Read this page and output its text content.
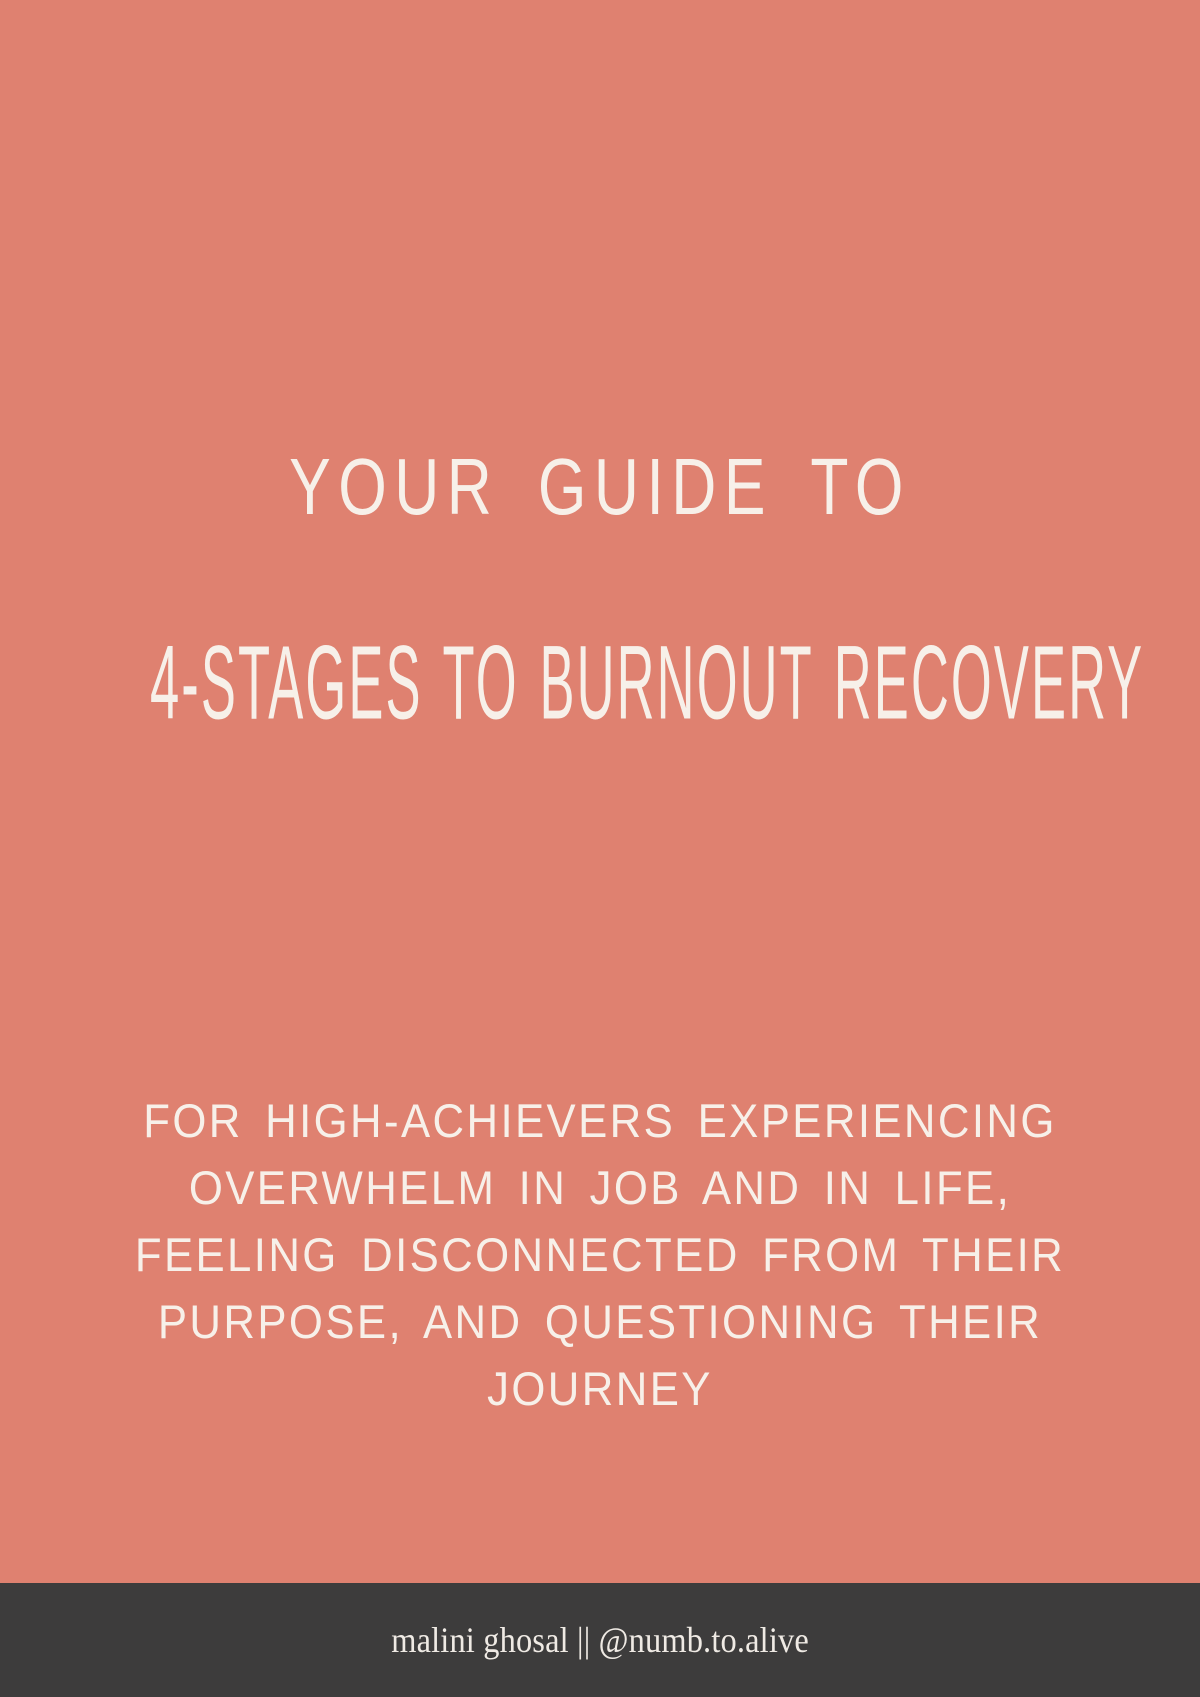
YOUR GUIDE TO
4-STAGES TO BURNOUT RECOVERY
FOR HIGH-ACHIEVERS EXPERIENCING
OVERWHELM IN JOB AND IN LIFE,
FEELING DISCONNECTED FROM THEIR
PURPOSE, AND QUESTIONING THEIR
JOURNEY
malini ghosal || @numb.to.alive
